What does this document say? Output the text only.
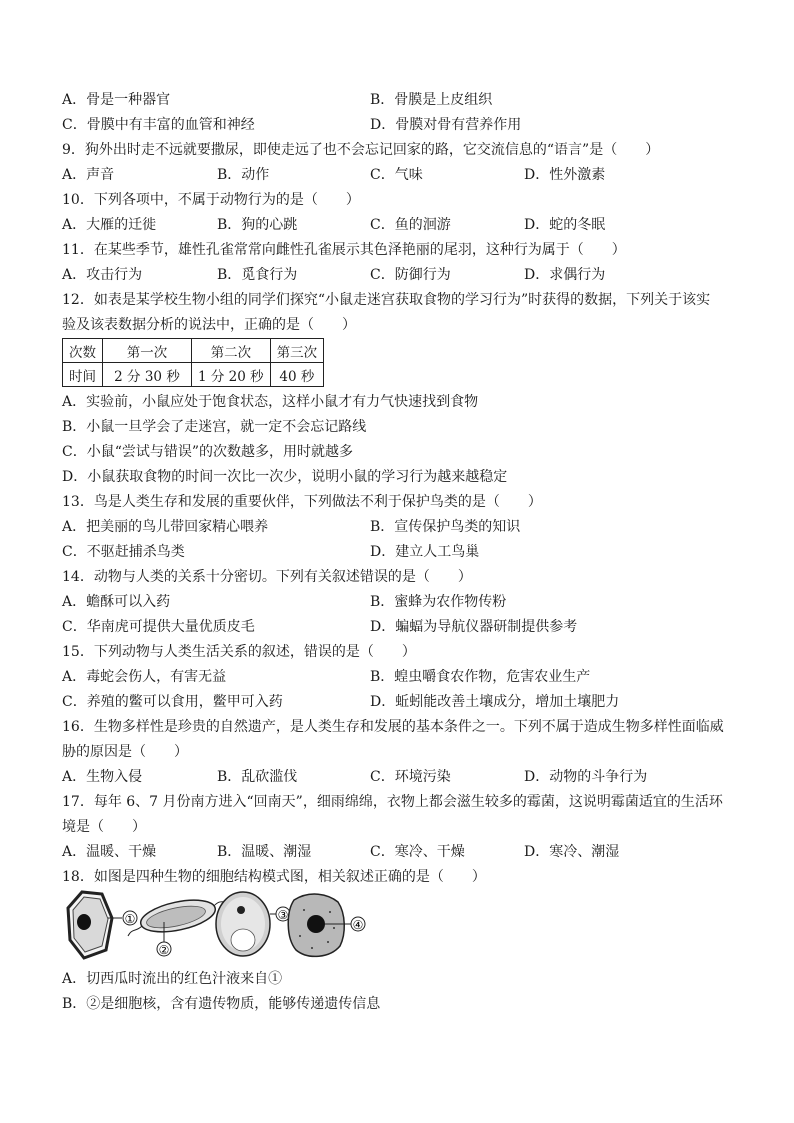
A．骨是一种器官	B．骨膜是上皮组织
C．骨膜中有丰富的血管和神经	D．骨膜对骨有营养作用
9．狗外出时走不远就要撒尿，即使走远了也不会忘记回家的路，它交流信息的“语言”是（　　）
A．声音	B．动作	C．气味	D．性外激素
10．下列各项中，不属于动物行为的是（　　）
A．大雁的迁徙	B．狗的心跳	C．鱼的洄游	D．蛇的冬眠
11．在某些季节，雄性孔雀常常向雌性孔雀展示其色泽艳丽的尾羽，这种行为属于（　　）
A．攻击行为	B．觅食行为	C．防御行为	D．求偶行为
12．如表是某学校生物小组的同学们探究“小鼠走迷宫获取食物的学习行为”时获得的数据，下列关于该实
验及该表数据分析的说法中，正确的是（　　）
A．实验前，小鼠应处于饱食状态，这样小鼠才有力气快速找到食物
B．小鼠一旦学会了走迷宫，就一定不会忘记路线
C．小鼠“尝试与错误”的次数越多，用时就越多
D．小鼠获取食物的时间一次比一次少，说明小鼠的学习行为越来越稳定
13．鸟是人类生存和发展的重要伙伴，下列做法不利于保护鸟类的是（　　）
A．把美丽的鸟儿带回家精心喂养	B．宣传保护鸟类的知识
C．不驱赶捕杀鸟类	D．建立人工鸟巢
14．动物与人类的关系十分密切。下列有关叙述错误的是（　　）
A．蟾酥可以入药	B．蜜蜂为农作物传粉
C．华南虎可提供大量优质皮毛	D．蝙蝠为导航仪器研制提供参考
15．下列动物与人类生活关系的叙述，错误的是（　　）
A．毒蛇会伤人，有害无益	B．蝗虫嚼食农作物，危害农业生产
C．养殖的鳖可以食用，鳖甲可入药	D．蚯蚓能改善土壤成分，增加土壤肥力
16．生物多样性是珍贵的自然遗产，是人类生存和发展的基本条件之一。下列不属于造成生物多样性面临威
胁的原因是（　　）
A．生物入侵	B．乱砍滥伐	C．环境污染	D．动物的斗争行为
17．每年 6、7 月份南方进入“回南天”，细雨绵绵，衣物上都会滋生较多的霉菌，这说明霉菌适宜的生活环
境是（　　）
A．温暖、干燥	B．温暖、潮湿	C．寒冷、干燥	D．寒冷、潮湿
18．如图是四种生物的细胞结构模式图，相关叙述正确的是（　　）
次数	第一次	第二次	第三次
时间	2 分 30 秒	1 分 20 秒	40 秒
①
②
③
④
A．切西瓜时流出的红色汁液来自①
B．②是细胞核，含有遗传物质，能够传递遗传信息
